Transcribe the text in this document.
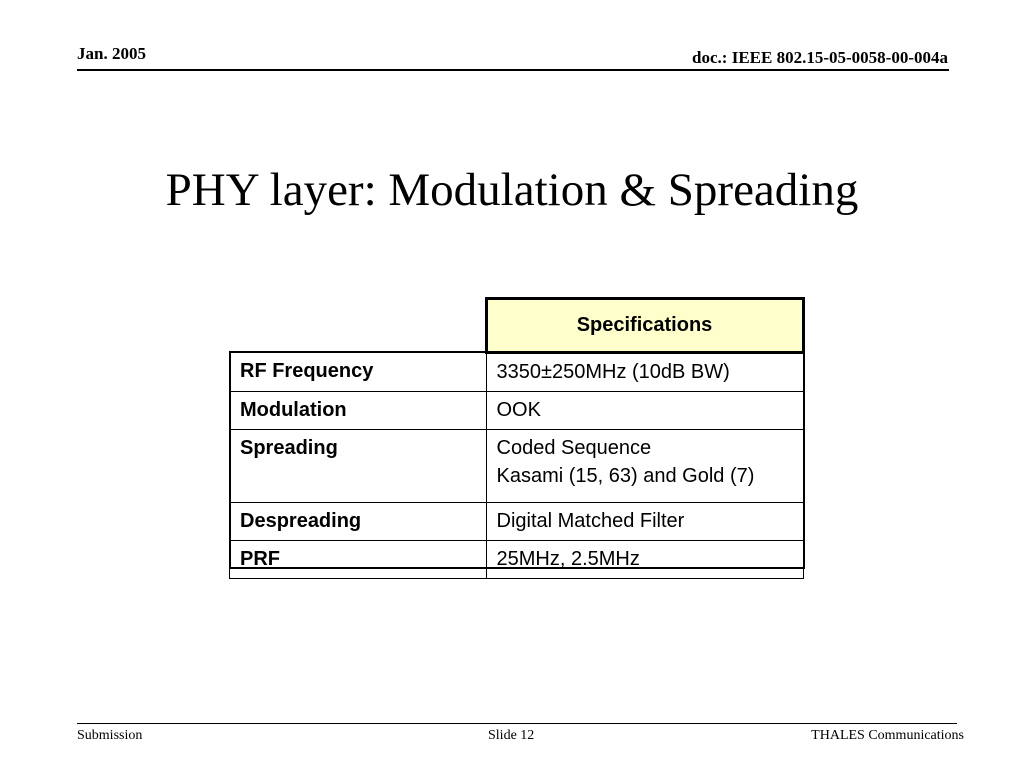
Jan. 2005	doc.: IEEE 802.15-05-0058-00-004a
PHY layer: Modulation & Spreading
	Specifications
RF Frequency	3350±250MHz (10dB BW)

Modulation	OOK

Spreading	Coded Sequence
Kasami (15, 63) and Gold (7)

Despreading	Digital Matched Filter

PRF	25MHz, 2.5MHz
Submission	Slide 12	THALES Communications
